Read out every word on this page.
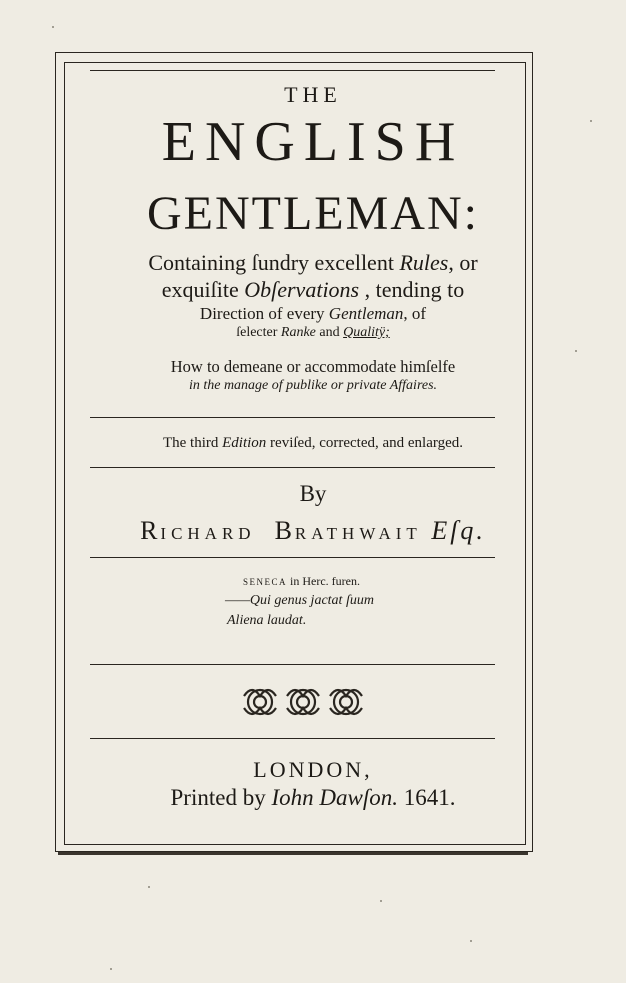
THE
ENGLISH
GENTLEMAN:
Containing ſundry excellent Rules, or
exquiſite Obſervations , tending to
Direction of every Gentleman, of
ſelecter Ranke and Qualitÿ;
How to demeane or accommodate himſelfe
in the manage of publike or private Affaires.
The third Edition reviſed, corrected, and enlarged.
By
RICHARD BRATHWAIT Eſq.
SENECA in Herc. furen.
——Qui genus jactat ſuum
Aliena laudat.
LONDON,
Printed by Iohn Dawſon. 1641.
